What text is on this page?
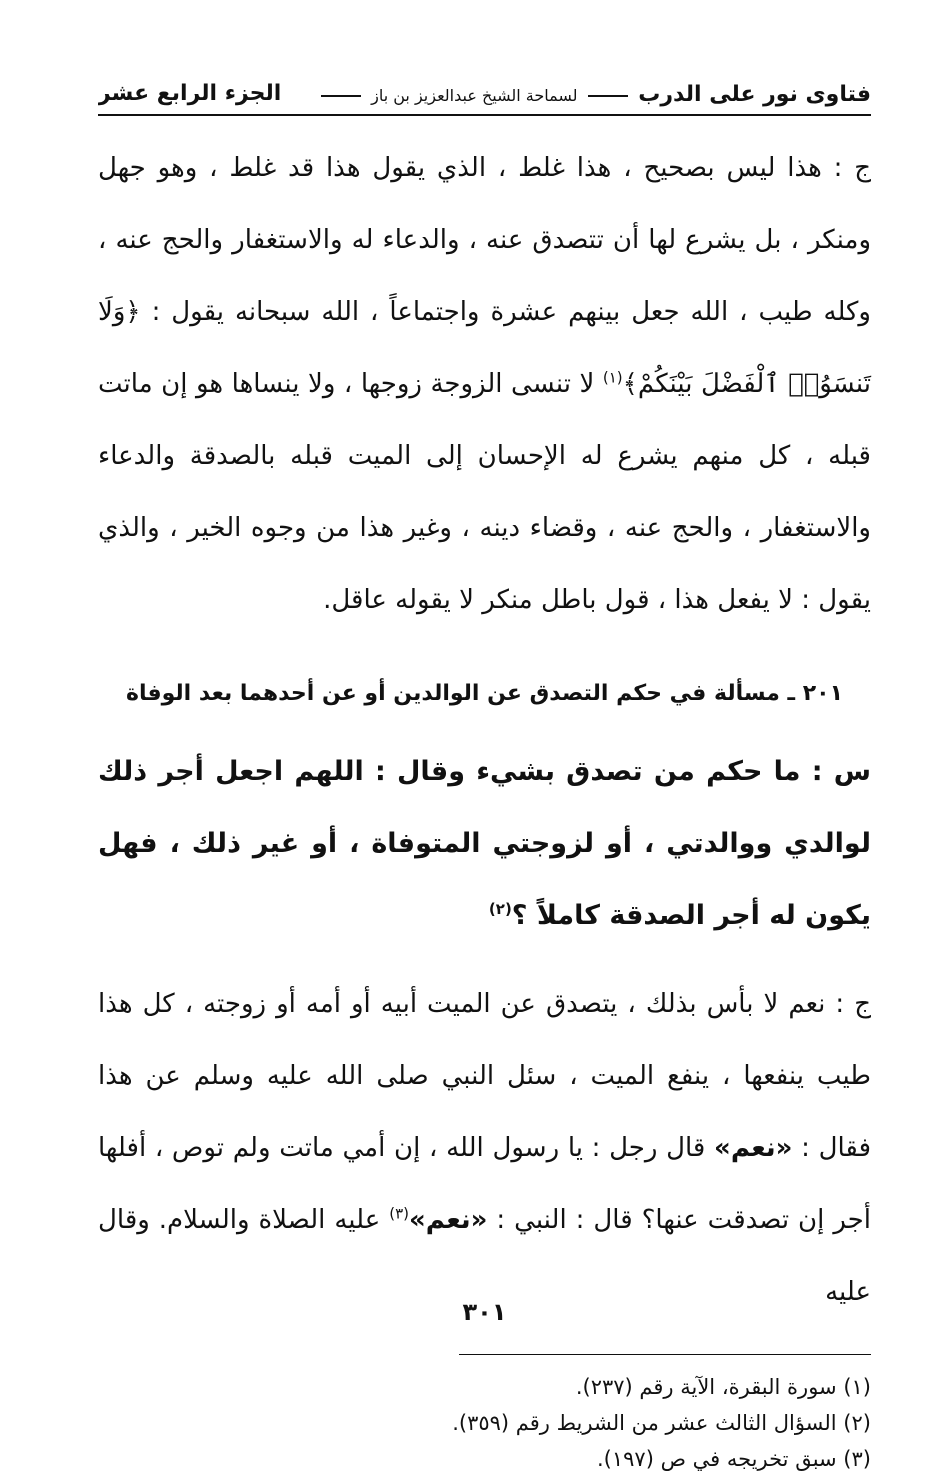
فتاوى نور على الدرب  لسماحة الشيخ عبدالعزيز بن باز
الجزء الرابع عشر

ج : هذا ليس بصحيح ، هذا غلط ، الذي يقول هذا قد غلط ، وهو جهل ومنكر ، بل يشرع لها أن تتصدق عنه ، والدعاء له والاستغفار والحج عنه ، وكله طيب ، الله جعل بينهم عشرة واجتماعاً ، الله سبحانه يقول : ﴿وَلَا تَنسَوُا۟ ٱلْفَضْلَ بَيْنَكُمْ﴾$^{(١)}$ لا تنسى الزوجة زوجها ، ولا ينساها هو إن ماتت قبله ، كل منهم يشرع له الإحسان إلى الميت قبله بالصدقة والدعاء والاستغفار ، والحج عنه ، وقضاء دينه ، وغير هذا من وجوه الخير ، والذي يقول : لا يفعل هذا ، قول باطل منكر لا يقوله عاقل.

٢٠١ ـ مسألة في حكم التصدق عن الوالدين أو عن أحدهما بعد الوفاة

س : ما حكم من تصدق بشيء وقال : اللهم اجعل أجر ذلك لوالدي ووالدتي ، أو لزوجتي المتوفاة ، أو غير ذلك ، فهل يكون له أجر الصدقة كاملاً ؟$^{(٢)}$

ج : نعم لا بأس بذلك ، يتصدق عن الميت أبيه أو أمه أو زوجته ، كل هذا طيب ينفعها ، ينفع الميت ، سئل النبي صلى الله عليه وسلم عن هذا فقال : «نعم» قال رجل : يا رسول الله ، إن أمي ماتت ولم توص ، أفلها أجر إن تصدقت عنها؟ قال : النبي : «نعم»$^{(٣)}$ عليه الصلاة والسلام. وقال عليه

(١) سورة البقرة، الآية رقم (٢٣٧).

(٢) السؤال الثالث عشر من الشريط رقم (٣٥٩).

(٣) سبق تخريجه في ص (١٩٧).

٣٠١
